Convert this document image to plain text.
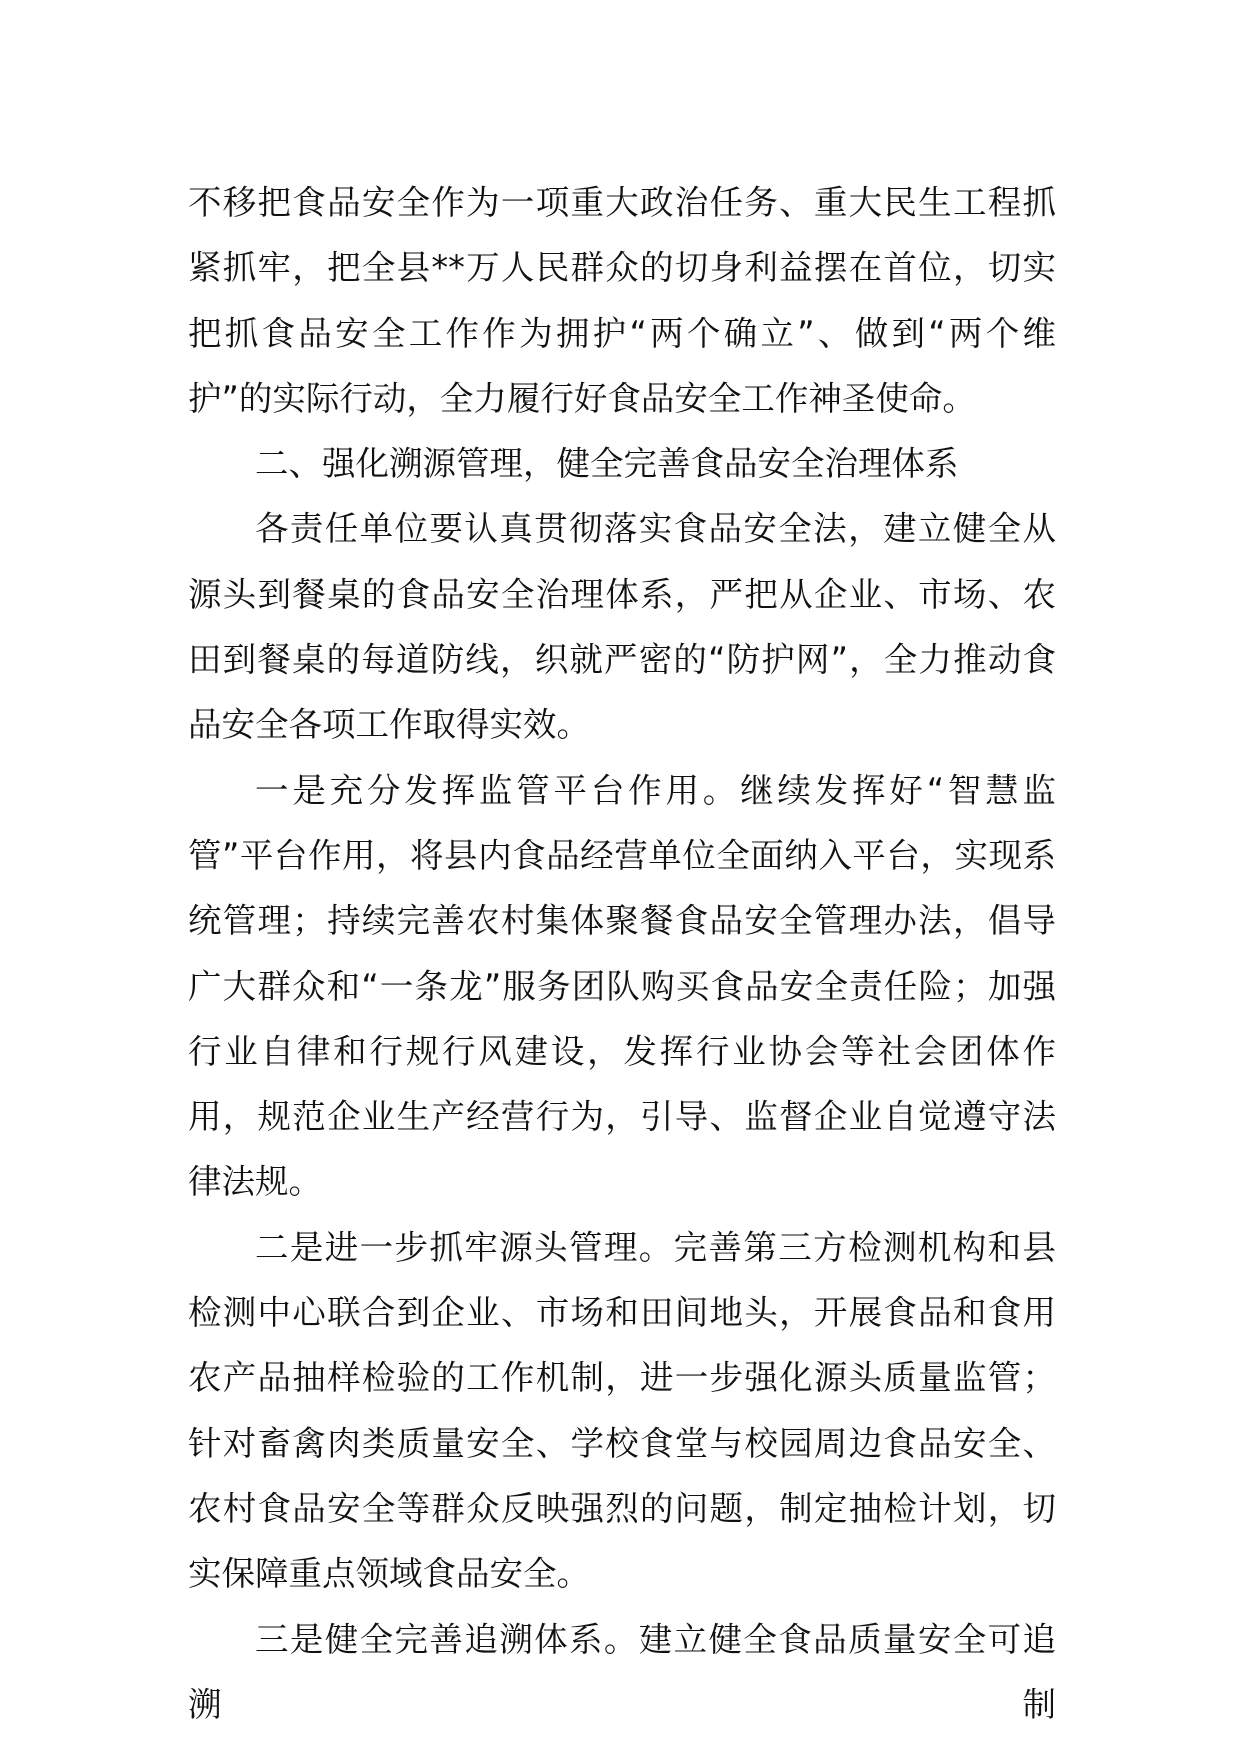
不移把食品安全作为一项重大政治任务、重大民生工程抓紧抓牢，把全县**万人民群众的切身利益摆在首位，切实把抓食品安全工作作为拥护“两个确立”、做到“两个维护”的实际行动，全力履行好食品安全工作神圣使命。

二、强化溯源管理，健全完善食品安全治理体系

各责任单位要认真贯彻落实食品安全法，建立健全从源头到餐桌的食品安全治理体系，严把从企业、市场、农田到餐桌的每道防线，织就严密的“防护网”，全力推动食品安全各项工作取得实效。

一是充分发挥监管平台作用。继续发挥好“智慧监管”平台作用，将县内食品经营单位全面纳入平台，实现系统管理；持续完善农村集体聚餐食品安全管理办法，倡导广大群众和“一条龙”服务团队购买食品安全责任险；加强行业自律和行规行风建设，发挥行业协会等社会团体作用，规范企业生产经营行为，引导、监督企业自觉遵守法律法规。

二是进一步抓牢源头管理。完善第三方检测机构和县检测中心联合到企业、市场和田间地头，开展食品和食用农产品抽样检验的工作机制，进一步强化源头质量监管；针对畜禽肉类质量安全、学校食堂与校园周边食品安全、农村食品安全等群众反映强烈的问题，制定抽检计划，切实保障重点领域食品安全。

三是健全完善追溯体系。建立健全食品质量安全可追溯制
